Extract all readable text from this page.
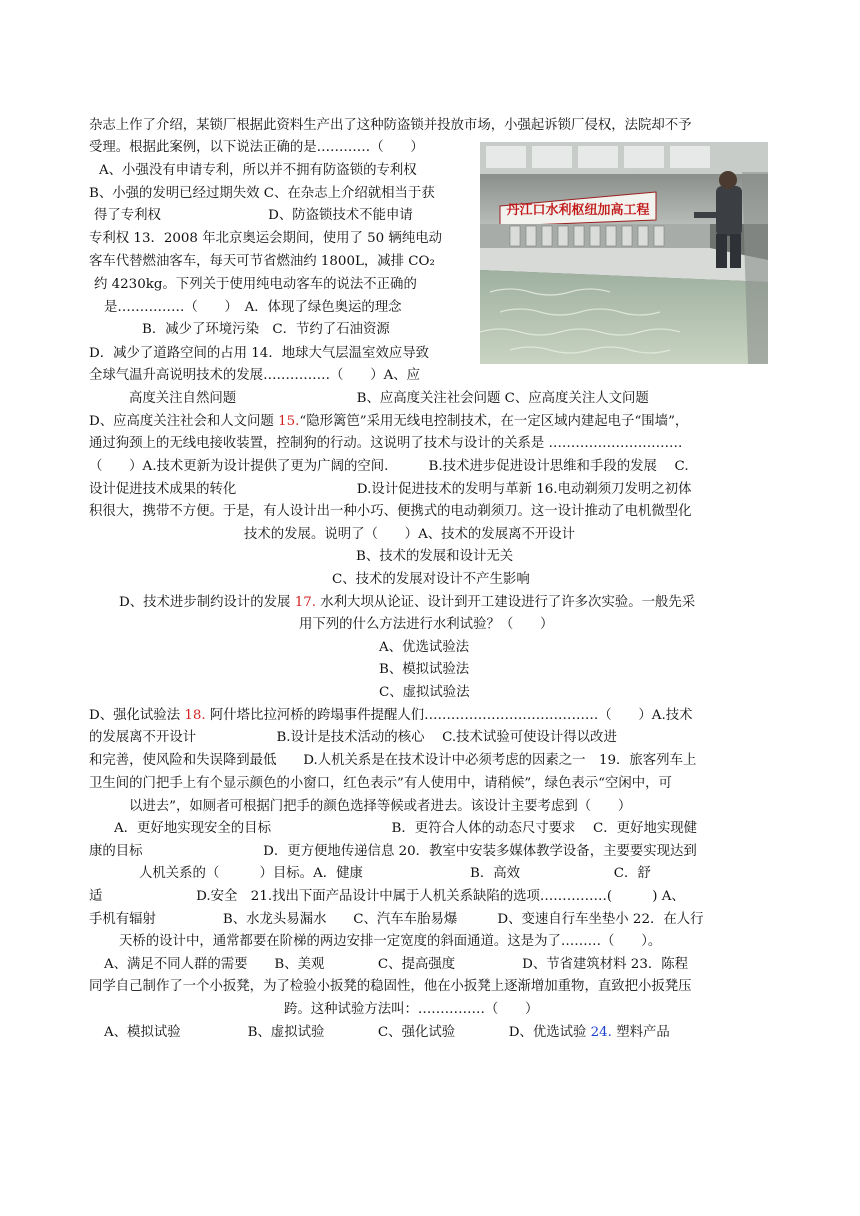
丹江口水利枢纽加高工程
杂志上作了介绍，某锁厂根据此资料生产出了这种防盗锁并投放市场，小强起诉锁厂侵权，法院却不予
受理。根据此案例，以下说法正确的是…………（　　）
A、小强没有申请专利，所以并不拥有防盗锁的专利权
B、小强的发明已经过期失效 C、在杂志上介绍就相当于获
得了专利权　　　　　　　　D、防盗锁技术不能申请
专利权 13．2008 年北京奥运会期间，使用了 50 辆纯电动
客车代替燃油客车，每天可节省燃油约 1800L，减排 CO₂
约 4230kg。下列关于使用纯电动客车的说法不正确的
是……………（　　）　A．体现了绿色奥运的理念
B．减少了环境污染　C．节约了石油资源
D．减少了道路空间的占用 14．地球大气层温室效应导致
全球气温升高说明技术的发展……………（　　）A、应
高度关注自然问题　　　　　　　　　B、应高度关注社会问题 C、应高度关注人文问题
D、应高度关注社会和人文问题 15.“隐形篱笆”采用无线电控制技术，在一定区域内建起电子“围墙”，
通过狗颈上的无线电接收装置，控制狗的行动。这说明了技术与设计的关系是 …………………………
（　　）A.技术更新为设计提供了更为广阔的空间.　　　B.技术进步促进设计思维和手段的发展　 C.
设计促进技术成果的转化　　　　　　　　　D.设计促进技术的发明与革新 16.电动剃须刀发明之初体
积很大，携带不方便。于是，有人设计出一种小巧、便携式的电动剃须刀。这一设计推动了电机微型化
技术的发展。说明了（　　）A、技术的发展离不开设计
B、技术的发展和设计无关
C、技术的发展对设计不产生影响
D、技术进步制约设计的发展 17. 水利大坝从论证、设计到开工建设进行了许多次实验。一般先采
用下列的什么方法进行水利试验？（　　）
A、优选试验法
B、模拟试验法
C、虚拟试验法
D、强化试验法 18. 阿什塔比拉河桥的跨塌事件提醒人们…………………………………（　　）A.技术
的发展离不开设计　　　　　　B.设计是技术活动的核心　 C.技术试验可使设计得以改进
和完善，使风险和失误降到最低　　D.人机关系是在技术设计中必须考虑的因素之一　19．旅客列车上
卫生间的门把手上有个显示颜色的小窗口，红色表示”有人使用中，请稍候”，绿色表示“空闲中，可
以进去”，如厕者可根据门把手的颜色选择等候或者进去。该设计主要考虑到（　　）
A．更好地实现安全的目标　　　　　　　　　B．更符合人体的动态尺寸要求　 C．更好地实现健
康的目标　　　　　　　　　D．更方便地传递信息 20．教室中安装多媒体教学设备，主要要实现达到
人机关系的（　　　）目标。A．健康　　　　　　　　B．高效　　　　　　　C．舒
适　　　　　　　D.安全　21.找出下面产品设计中属于人机关系缺陷的选项……………(　　　) A、
手机有辐射　　　　　B、水龙头易漏水　　C、汽车车胎易爆　　　D、变速自行车坐垫小 22．在人行
天桥的设计中，通常都要在阶梯的两边安排一定宽度的斜面通道。这是为了………（　　）。
A、满足不同人群的需要　　B、美观　　　　C、提高强度　　　　　D、节省建筑材料 23．陈程
同学自己制作了一个小扳凳，为了检验小扳凳的稳固性，他在小扳凳上逐渐增加重物，直致把小扳凳压
跨。这种试验方法叫：……………（　　）
A、模拟试验　　　　　B、虚拟试验　　　　C、强化试验　　　　D、优选试验 24. 塑料产品
